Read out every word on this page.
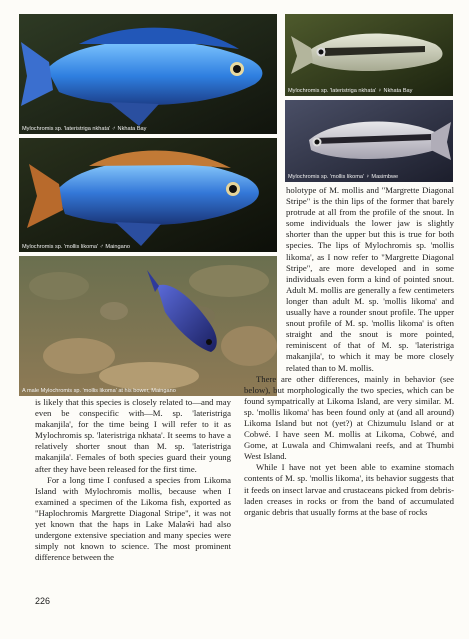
Mylochromis sp. 'lateristriga nkhata' ♂ Nkhata Bay
Mylochromis sp. 'mollis likoma' ♂ Maingano
A male Mylochromis sp. 'mollis likoma' at his bower, Maingano
Mylochromis sp. 'lateristriga nkhata' ♀ Nkhata Bay
Mylochromis sp. 'mollis likoma' ♀ Masimbwe

is likely that this species is closely related to—and may even be conspecific with—M. sp. 'lateristriga makanjila', for the time being I will refer to it as Mylochromis sp. 'lateristriga nkhata'. It seems to have a relatively shorter snout than M. sp. 'lateristriga makanjila'. Females of both species guard their young after they have been released for the first time.

For a long time I confused a species from Likoma Island with Mylochromis mollis, because when I examined a specimen of the Likoma fish, exported as "Haplochromis Margrette Diagonal Stripe", it was not yet known that the haps in Lake Malaŵi had also undergone extensive speciation and many species were simply not known to science. The most prominent difference between the

holotype of M. mollis and "Margrette Diagonal Stripe" is the thin lips of the former that barely protrude at all from the profile of the snout. In some individuals the lower jaw is slightly shorter than the upper but this is true for both species. The lips of Mylochromis sp. 'mollis likoma', as I now refer to "Margrette Diagonal Stripe", are more developed and in some individuals even form a kind of pointed snout. Adult M. mollis are generally a few centimeters longer than adult M. sp. 'mollis likoma' and usually have a rounder snout profile. The upper snout profile of M. sp. 'mollis likoma' is often straight and the snout is more pointed, reminiscent of that of M. sp. 'lateristriga makanjila', to which it may be more closely related than to M. mollis.

There are other differences, mainly in behavior (see below), but morphologically the two species, which can be found sympatrically at Likoma Island, are very similar. M. sp. 'mollis likoma' has been found only at (and all around) Likoma Island but not (yet?) at Chizumulu Island or at Cobwé. I have seen M. mollis at Likoma, Cobwé, and Gome, at Luwala and Chimwalani reefs, and at Thumbi West Island.

While I have not yet been able to examine stomach contents of M. sp. 'mollis likoma', its behavior suggests that it feeds on insect larvae and crustaceans picked from debris-laden creases in rocks or from the band of accumulated organic debris that usually forms at the base of rocks

226
